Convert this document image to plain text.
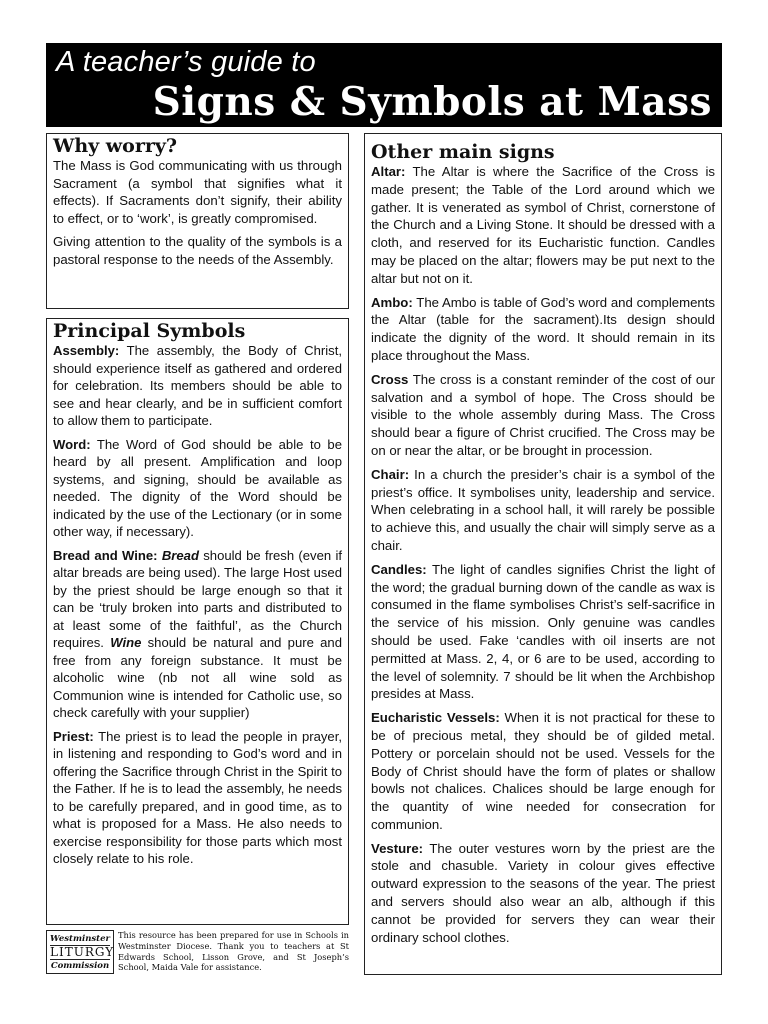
A teacher’s guide to
Signs & Symbols at Mass
Why worry?

The Mass is God communicating with us through Sacrament (a symbol that signifies what it effects). If Sacraments don’t signify, their ability to effect, or to ‘work’, is greatly compromised.

Giving attention to the quality of the symbols is a pastoral response to the needs of the Assembly.

Principal Symbols

Assembly: The assembly, the Body of Christ, should experience itself as gathered and ordered for celebration. Its members should be able to see and hear clearly, and be in sufficient comfort to allow them to participate.

Word: The Word of God should be able to be heard by all present. Amplification and loop systems, and signing, should be available as needed. The dignity of the Word should be indicated by the use of the Lectionary (or in some other way, if necessary).

Bread and Wine: Bread should be fresh (even if altar breads are being used). The large Host used by the priest should be large enough so that it can be ‘truly broken into parts and distributed to at least some of the faithful’, as the Church requires. Wine should be natural and pure and free from any foreign substance. It must be alcoholic wine (nb not all wine sold as Communion wine is intended for Catholic use, so check carefully with your supplier)

Priest: The priest is to lead the people in prayer, in listening and responding to God’s word and in offering the Sacrifice through Christ in the Spirit to the Father. If he is to lead the assembly, he needs to be carefully prepared, and in good time, as to what is proposed for a Mass. He also needs to exercise responsibility for those parts which most closely relate to his role.

Other main signs

Altar: The Altar is where the Sacrifice of the Cross is made present; the Table of the Lord around which we gather. It is venerated as symbol of Christ, cornerstone of the Church and a Living Stone. It should be dressed with a cloth, and reserved for its Eucharistic function. Candles may be placed on the altar; flowers may be put next to the altar but not on it.

Ambo: The Ambo is table of God’s word and complements the Altar (table for the sacrament).Its design should indicate the dignity of the word. It should remain in its place throughout the Mass.

Cross The cross is a constant reminder of the cost of our salvation and a symbol of hope. The Cross should be visible to the whole assembly during Mass. The Cross should bear a figure of Christ crucified. The Cross may be on or near the altar, or be brought in procession.

Chair: In a church the presider’s chair is a symbol of the priest’s office. It symbolises unity, leadership and service. When celebrating in a school hall, it will rarely be possible to achieve this, and usually the chair will simply serve as a chair.

Candles: The light of candles signifies Christ the light of the word; the gradual burning down of the candle as wax is consumed in the flame symbolises Christ’s self-sacrifice in the service of his mission. Only genuine was candles should be used. Fake ‘candles with oil inserts are not permitted at Mass. 2, 4, or 6 are to be used, according to the level of solemnity. 7 should be lit when the Archbishop presides at Mass.

Eucharistic Vessels: When it is not practical for these to be of precious metal, they should be of gilded metal. Pottery or porcelain should not be used. Vessels for the Body of Christ should have the form of plates or shallow bowls not chalices. Chalices should be large enough for the quantity of wine needed for consecration for communion.

Vesture: The outer vestures worn by the priest are the stole and chasuble. Variety in colour gives effective outward expression to the seasons of the year. The priest and servers should also wear an alb, although if this cannot be provided for servers they can wear their ordinary school clothes.

Westminster
LITURGY
Commission
This resource has been prepared for use in Schools in Westminster Diocese. Thank you to teachers at St Edwards School, Lisson Grove, and St Joseph’s School, Maida Vale for assistance.
